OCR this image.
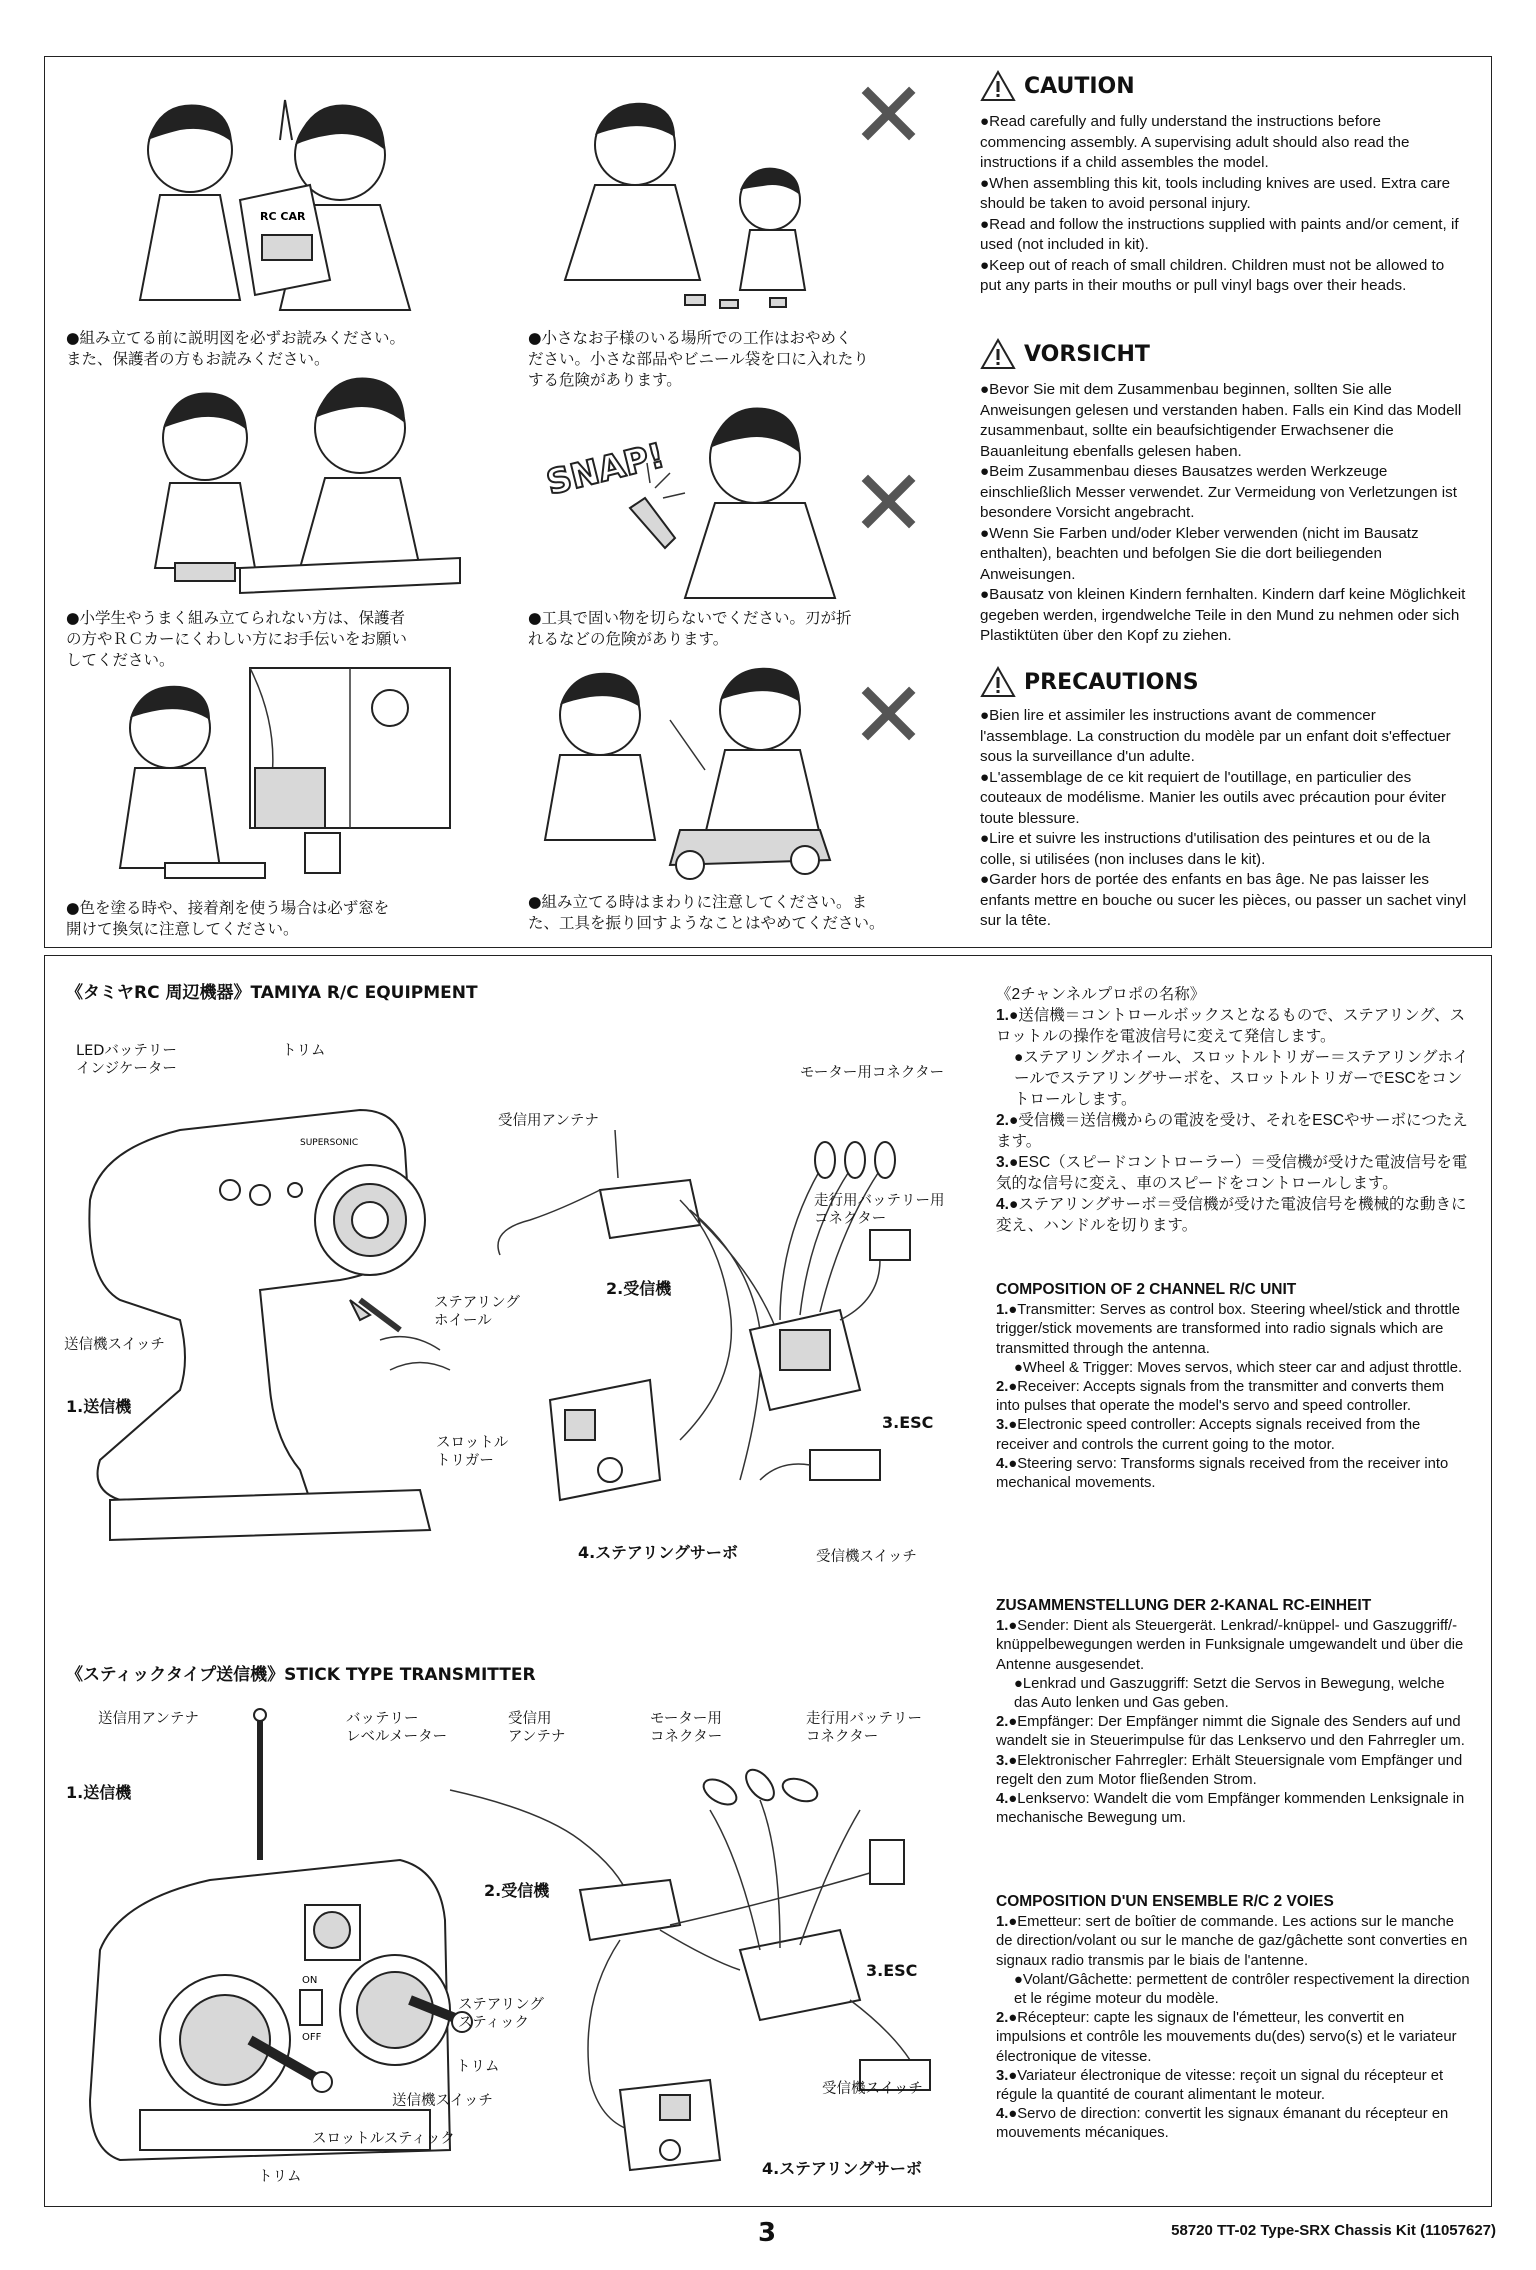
RC CAR
●組み立てる前に説明図を必ずお読みください。
また、保護者の方もお読みください。
●小学生やうまく組み立てられない方は、保護者
の方やＲＣカーにくわしい方にお手伝いをお願い
してください。
●色を塗る時や、接着剤を使う場合は必ず窓を
開けて換気に注意してください。
✕
●小さなお子様のいる場所での工作はおやめく
ださい。小さな部品やビニール袋を口に入れたり
する危険があります。
SNAP! ✕
●工具で固い物を切らないでください。刃が折
れるなどの危険があります。
✕
●組み立てる時はまわりに注意してください。ま
た、工具を振り回すようなことはやめてください。
CAUTION

●Read carefully and fully understand the instructions before commencing assembly. A supervising adult should also read the instructions if a child assembles the model.

●When assembling this kit, tools including knives are used. Extra care should be taken to avoid personal injury.

●Read and follow the instructions supplied with paints and/or cement, if used (not included in kit).

●Keep out of reach of small children. Children must not be allowed to put any parts in their mouths or pull vinyl bags over their heads.

VORSICHT

●Bevor Sie mit dem Zusammenbau beginnen, sollten Sie alle Anweisungen gelesen und verstanden haben. Falls ein Kind das Modell zusammenbaut, sollte ein beaufsichtigender Erwachsener die Bauanleitung ebenfalls gelesen haben.

●Beim Zusammenbau dieses Bausatzes werden Werkzeuge einschließlich Messer verwendet. Zur Vermeidung von Verletzungen ist besondere Vorsicht angebracht.

●Wenn Sie Farben und/oder Kleber verwenden (nicht im Bausatz enthalten), beachten und befolgen Sie die dort beiliegenden Anweisungen.

●Bausatz von kleinen Kindern fernhalten. Kindern darf keine Möglichkeit gegeben werden, irgendwelche Teile in den Mund zu nehmen oder sich Plastiktüten über den Kopf zu ziehen.

PRECAUTIONS

●Bien lire et assimiler les instructions avant de commencer l'assemblage. La construction du modèle par un enfant doit s'effectuer sous la surveillance d'un adulte.

●L'assemblage de ce kit requiert de l'outillage, en particulier des couteaux de modélisme. Manier les outils avec précaution pour éviter toute blessure.

●Lire et suivre les instructions d'utilisation des peintures et ou de la colle, si utilisées (non incluses dans le kit).

●Garder hors de portée des enfants en bas âge. Ne pas laisser les enfants mettre en bouche ou sucer les pièces, ou passer un sachet vinyl sur la tête.

《タミヤRC 周辺機器》TAMIYA R/C EQUIPMENT
SUPERSONIC
LEDバッテリー
インジケーター
トリム
受信用アンテナ
モーター用コネクター
走行用バッテリー用
コネクター
2.受信機
ステアリング
ホイール
送信機スイッチ
1.送信機
スロットル
トリガー
3.ESC
4.ステアリングサーボ	受信機スイッチ
《スティックタイプ送信機》STICK TYPE TRANSMITTER
ON
OFF
送信用アンテナ	バッテリー
レベルメーター
受信用
アンテナ
モーター用
コネクター
走行用バッテリー
コネクター
1.送信機
2.受信機
3.ESC
ステアリング
スティック
トリム
送信機スイッチ
受信機スイッチ
スロットルスティック
4.ステアリングサーボ
トリム

《2チャンネルプロポの名称》

1.●送信機＝コントロールボックスとなるもので、ステアリング、スロットルの操作を電波信号に変えて発信します。

●ステアリングホイール、スロットルトリガー＝ステアリングホイールでステアリングサーボを、スロットルトリガーでESCをコントロールします。

2.●受信機＝送信機からの電波を受け、それをESCやサーボにつたえます。

3.●ESC（スピードコントローラー）＝受信機が受けた電波信号を電気的な信号に変え、車のスピードをコントロールします。

4.●ステアリングサーボ＝受信機が受けた電波信号を機械的な動きに変え、ハンドルを切ります。

COMPOSITION OF 2 CHANNEL R/C UNIT

1.●Transmitter: Serves as control box. Steering wheel/stick and throttle trigger/stick movements are transformed into radio signals which are transmitted through the antenna.

●Wheel & Trigger: Moves servos, which steer car and adjust throttle.

2.●Receiver: Accepts signals from the transmitter and converts them into pulses that operate the model's servo and speed controller.

3.●Electronic speed controller: Accepts signals received from the receiver and controls the current going to the motor.

4.●Steering servo: Transforms signals received from the receiver into mechanical movements.

ZUSAMMENSTELLUNG DER 2-KANAL RC-EINHEIT

1.●Sender: Dient als Steuergerät. Lenkrad/-knüppel- und Gaszuggriff/- knüppelbewegungen werden in Funksignale umgewandelt und über die Antenne ausgesendet.

●Lenkrad und Gaszuggriff: Setzt die Servos in Bewegung, welche das Auto lenken und Gas geben.

2.●Empfänger: Der Empfänger nimmt die Signale des Senders auf und wandelt sie in Steuerimpulse für das Lenkservo und den Fahrregler um.

3.●Elektronischer Fahrregler: Erhält Steuersignale vom Empfänger und regelt den zum Motor fließenden Strom.

4.●Lenkservo: Wandelt die vom Empfänger kommenden Lenksignale in mechanische Bewegung um.

COMPOSITION D'UN ENSEMBLE R/C 2 VOIES

1.●Emetteur: sert de boîtier de commande. Les actions sur le manche de direction/volant ou sur le manche de gaz/gâchette sont converties en signaux radio transmis par le biais de l'antenne.

●Volant/Gâchette: permettent de contrôler respectivement la direction et le régime moteur du modèle.

2.●Récepteur: capte les signaux de l'émetteur, les convertit en impulsions et contrôle les mouvements du(des) servo(s) et le variateur électronique de vitesse.

3.●Variateur électronique de vitesse: reçoit un signal du récepteur et régule la quantité de courant alimentant le moteur.

4.●Servo de direction: convertit les signaux émanant du récepteur en mouvements mécaniques.

3	58720 TT-02 Type-SRX Chassis Kit (11057627)
